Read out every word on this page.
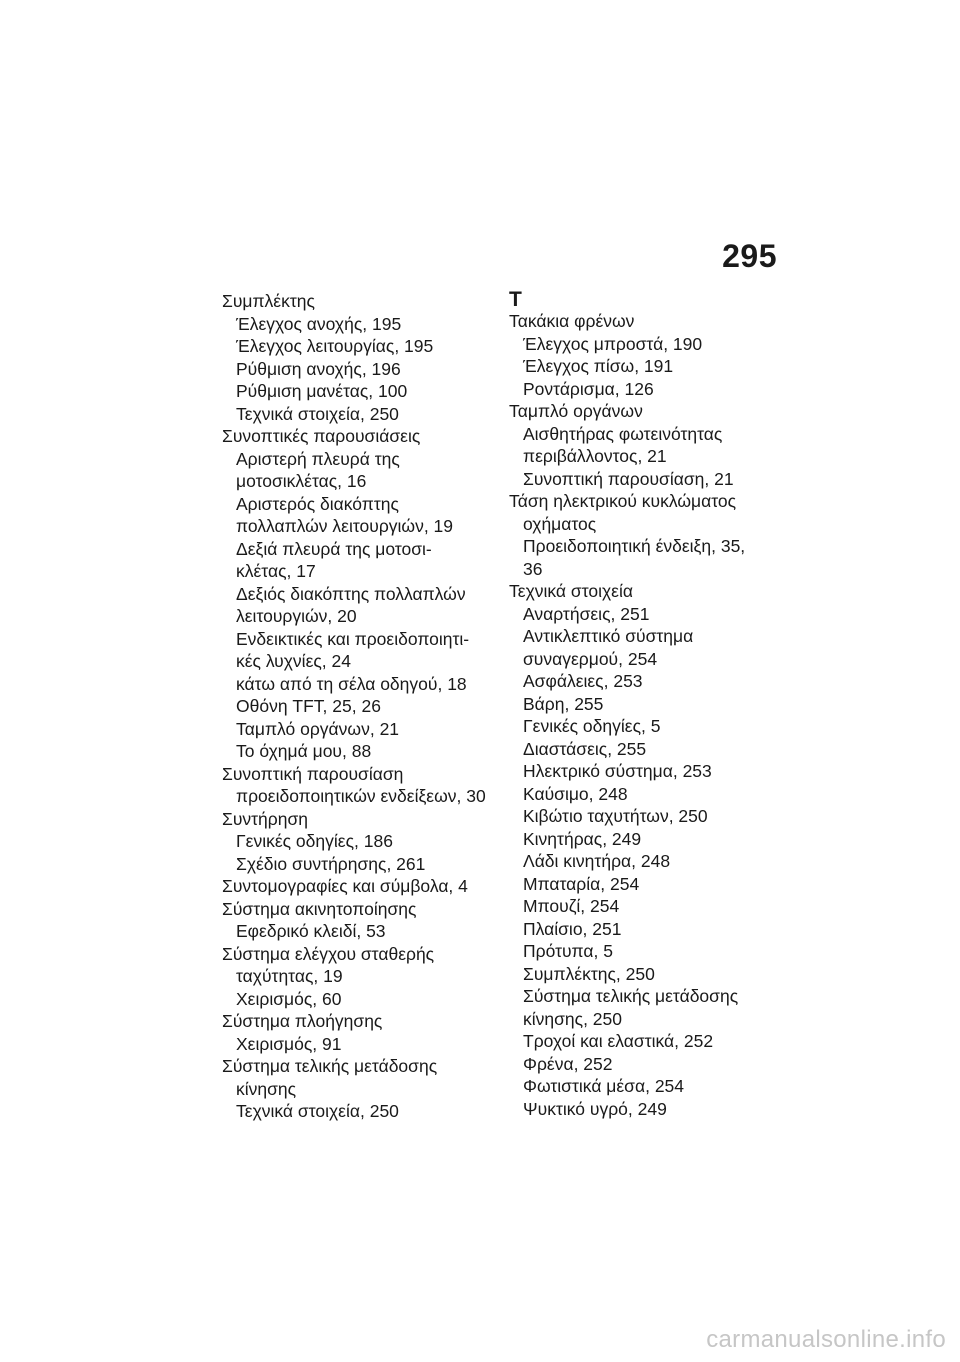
295
Συμπλέκτης
Έλεγχος ανοχής, 195
Έλεγχος λειτουργίας, 195
Ρύθμιση ανοχής, 196
Ρύθμιση μανέτας, 100
Τεχνικά στοιχεία, 250
Συνοπτικές παρουσιάσεις
Αριστερή πλευρά της
μοτοσικλέτας, 16
Αριστερός διακόπτης
πολλαπλών λειτουργιών, 19
Δεξιά πλευρά της μοτοσι-
κλέτας, 17
Δεξιός διακόπτης πολλαπλών
λειτουργιών, 20
Ενδεικτικές και προειδοποιητι-
κές λυχνίες, 24
κάτω από τη σέλα οδηγού, 18
Οθόνη TFT, 25, 26
Ταμπλό οργάνων, 21
Το όχημά μου, 88
Συνοπτική παρουσίαση
προειδοποιητικών ενδείξεων, 30
Συντήρηση
Γενικές οδηγίες, 186
Σχέδιο συντήρησης, 261
Συντομογραφίες και σύμβολα, 4
Σύστημα ακινητοποίησης
Εφεδρικό κλειδί, 53
Σύστημα ελέγχου σταθερής
ταχύτητας, 19
Χειρισμός, 60
Σύστημα πλοήγησης
Χειρισμός, 91
Σύστημα τελικής μετάδοσης
κίνησης
Τεχνικά στοιχεία, 250
T
Τακάκια φρένων
Έλεγχος μπροστά, 190
Έλεγχος πίσω, 191
Ροντάρισμα, 126
Ταμπλό οργάνων
Αισθητήρας φωτεινότητας
περιβάλλοντος, 21
Συνοπτική παρουσίαση, 21
Τάση ηλεκτρικού κυκλώματος
οχήματος
Προειδοποιητική ένδειξη, 35,
36
Τεχνικά στοιχεία
Αναρτήσεις, 251
Αντικλεπτικό σύστημα
συναγερμού, 254
Ασφάλειες, 253
Βάρη, 255
Γενικές οδηγίες, 5
Διαστάσεις, 255
Ηλεκτρικό σύστημα, 253
Καύσιμο, 248
Κιβώτιο ταχυτήτων, 250
Κινητήρας, 249
Λάδι κινητήρα, 248
Μπαταρία, 254
Μπουζί, 254
Πλαίσιο, 251
Πρότυπα, 5
Συμπλέκτης, 250
Σύστημα τελικής μετάδοσης
κίνησης, 250
Τροχοί και ελαστικά, 252
Φρένα, 252
Φωτιστικά μέσα, 254
Ψυκτικό υγρό, 249
carmanualsonline.info
